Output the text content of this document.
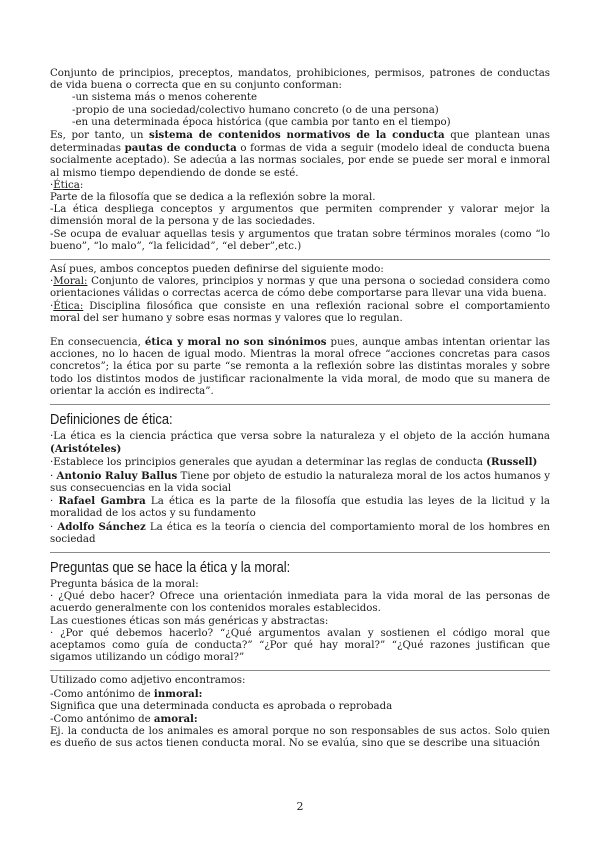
Conjunto de principios, preceptos, mandatos, prohibiciones, permisos, patrones de conductas de vida buena o correcta que en su conjunto conforman:

-un sistema más o menos coherente

-propio de una sociedad/colectivo humano concreto (o de una persona)

-en una determinada época histórica (que cambia por tanto en el tiempo)

Es, por tanto, un sistema de contenidos normativos de la conducta que plantean unas determinadas pautas de conducta o formas de vida a seguir (modelo ideal de conducta buena socialmente aceptado). Se adecúa a las normas sociales, por ende se puede ser moral e inmoral al mismo tiempo dependiendo de donde se esté.

·Ética:

Parte de la filosofía que se dedica a la reflexión sobre la moral.

-La ética despliega conceptos y argumentos que permiten comprender y valorar mejor la dimensión moral de la persona y de las sociedades.

-Se ocupa de evaluar aquellas tesis y argumentos que tratan sobre términos morales (como “lo bueno”, “lo malo”, “la felicidad”, “el deber”,etc.)

Así pues, ambos conceptos pueden definirse del siguiente modo:

·Moral: Conjunto de valores, principios y normas y que una persona o sociedad considera como orientaciones válidas o correctas acerca de cómo debe comportarse para llevar una vida buena.

·Ética: Disciplina filosófica que consiste en una reflexión racional sobre el comportamiento moral del ser humano y sobre esas normas y valores que lo regulan.

En consecuencia, ética y moral no son sinónimos pues, aunque ambas intentan orientar las acciones, no lo hacen de igual modo. Mientras la moral ofrece “acciones concretas para casos concretos”; la ética por su parte “se remonta a la reflexión sobre las distintas morales y sobre todo los distintos modos de justificar racionalmente la vida moral, de modo que su manera de orientar la acción es indirecta”.

Definiciones de ética:

·La ética es la ciencia práctica que versa sobre la naturaleza y el objeto de la acción humana (Aristóteles)

·Establece los principios generales que ayudan a determinar las reglas de conducta (Russell)

· Antonio Raluy Ballus Tiene por objeto de estudio la naturaleza moral de los actos humanos y sus consecuencias en la vida social

· Rafael Gambra La ética es la parte de la filosofía que estudia las leyes de la licitud y la moralidad de los actos y su fundamento

· Adolfo Sánchez La ética es la teoría o ciencia del comportamiento moral de los hombres en sociedad

Preguntas que se hace la ética y la moral:

Pregunta básica de la moral:

· ¿Qué debo hacer? Ofrece una orientación inmediata para la vida moral de las personas de acuerdo generalmente con los contenidos morales establecidos.

Las cuestiones éticas son más genéricas y abstractas:

· ¿Por qué debemos hacerlo? “¿Qué argumentos avalan y sostienen el código moral que aceptamos como guía de conducta?” “¿Por qué hay moral?” “¿Qué razones justifican que sigamos utilizando un código moral?”

Utilizado como adjetivo encontramos:

-Como antónimo de inmoral:

Significa que una determinada conducta es aprobada o reprobada

-Como antónimo de amoral:

Ej. la conducta de los animales es amoral porque no son responsables de sus actos. Solo quien es dueño de sus actos tienen conducta moral. No se evalúa, sino que se describe una situación

2
